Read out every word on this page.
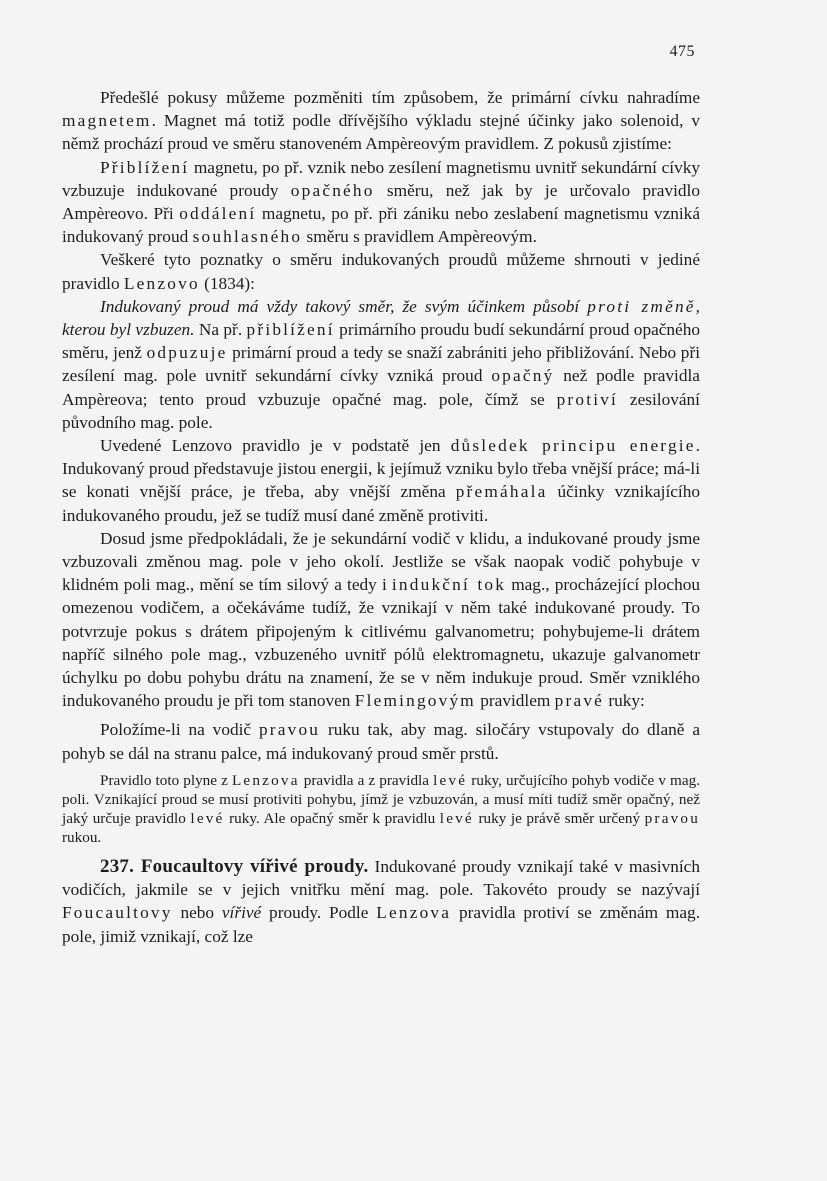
475

Předešlé pokusy můžeme pozměniti tím způsobem, že primární cívku nahradíme magnetem. Magnet má totiž podle dřívějšího výkladu stejné účinky jako solenoid, v němž prochází proud ve směru stanoveném Ampèreovým pravidlem. Z pokusů zjistíme:

Přiblížení magnetu, po př. vznik nebo zesílení magnetismu uvnitř sekundární cívky vzbuzuje indukované proudy opačného směru, než jak by je určovalo pravidlo Ampèreovo. Při oddálení magnetu, po př. při zániku nebo zeslabení magnetismu vzniká indukovaný proud souhlasného směru s pravidlem Ampèreovým.

Veškeré tyto poznatky o směru indukovaných proudů můžeme shrnouti v jediné pravidlo Lenzovo (1834):

Indukovaný proud má vždy takový směr, že svým účinkem působí proti změně, kterou byl vzbuzen. Na př. přiblížení primárního proudu budí sekundární proud opačného směru, jenž odpuzuje primární proud a tedy se snaží zabrániti jeho přibližování. Nebo při zesílení mag. pole uvnitř sekundární cívky vzniká proud opačný než podle pravidla Ampèreova; tento proud vzbuzuje opačné mag. pole, čímž se protiví zesilování původního mag. pole.

Uvedené Lenzovo pravidlo je v podstatě jen důsledek principu energie. Indukovaný proud představuje jistou energii, k jejímuž vzniku bylo třeba vnější práce; má-li se konati vnější práce, je třeba, aby vnější změna přemáhala účinky vznikajícího indukovaného proudu, jež se tudíž musí dané změně protiviti.

Dosud jsme předpokládali, že je sekundární vodič v klidu, a indukované proudy jsme vzbuzovali změnou mag. pole v jeho okolí. Jestliže se však naopak vodič pohybuje v klidném poli mag., mění se tím silový a tedy i indukční tok mag., procházející plochou omezenou vodičem, a očekáváme tudíž, že vznikají v něm také indukované proudy. To potvrzuje pokus s drátem připojeným k citlivému galvanometru; pohybujeme-li drátem napříč silného pole mag., vzbuzeného uvnitř pólů elektromagnetu, ukazuje galvanometr úchylku po dobu pohybu drátu na znamení, že se v něm indukuje proud. Směr vzniklého indukovaného proudu je při tom stanoven Flemingovým pravidlem pravé ruky:

Položíme-li na vodič pravou ruku tak, aby mag. siločáry vstupovaly do dlaně a pohyb se dál na stranu palce, má indukovaný proud směr prstů.

Pravidlo toto plyne z Lenzova pravidla a z pravidla levé ruky, určujícího pohyb vodiče v mag. poli. Vznikající proud se musí protiviti pohybu, jímž je vzbuzován, a musí míti tudíž směr opačný, než jaký určuje pravidlo levé ruky. Ale opačný směr k pravidlu levé ruky je právě směr určený pravou rukou.

237. Foucaultovy vířivé proudy. Indukované proudy vznikají také v masivních vodičích, jakmile se v jejich vnitřku mění mag. pole. Takovéto proudy se nazývají Foucaultovy nebo vířivé proudy. Podle Lenzova pravidla protiví se změnám mag. pole, jimiž vznikají, což lze
